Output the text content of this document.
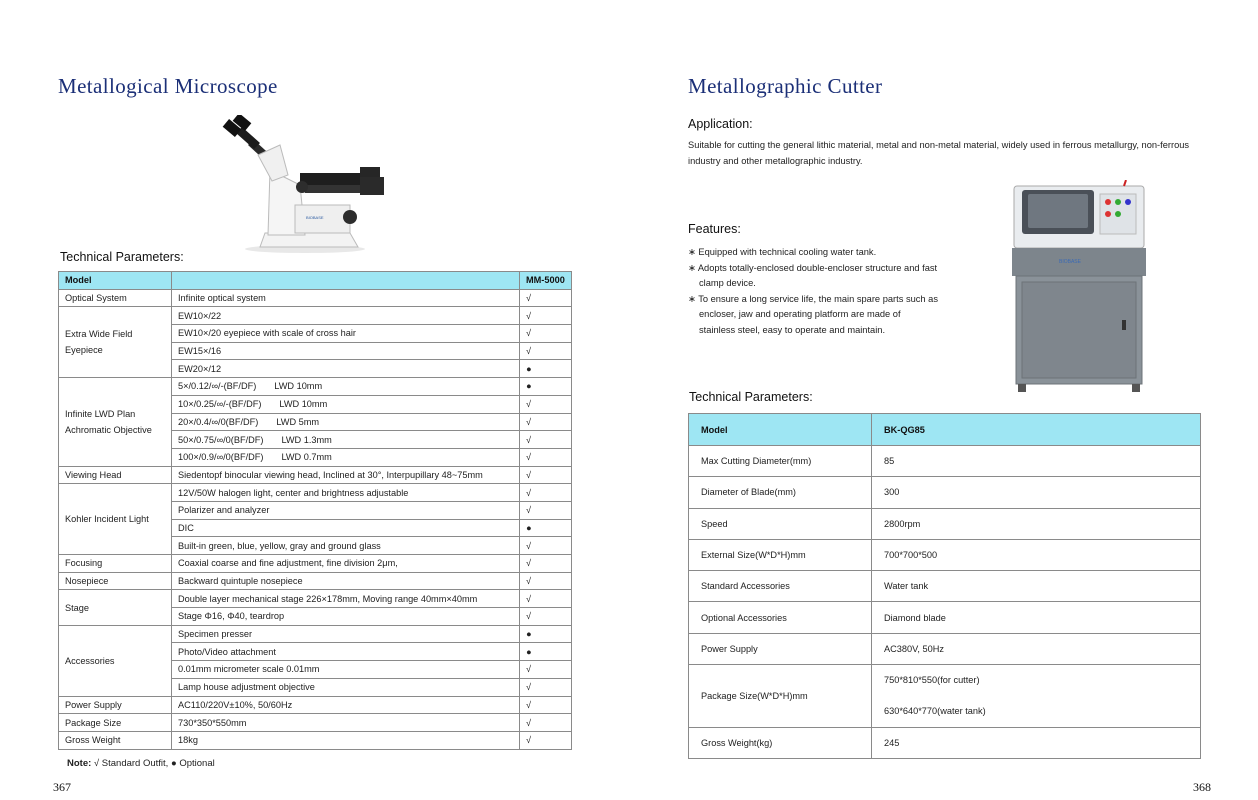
Metallogical Microscope
BIOBASE
Technical Parameters:
Model		MM-5000
Optical System	Infinite optical system	√
Extra Wide Field Eyepiece	EW10×/22	√
	EW10×/20 eyepiece with scale of cross hair	√
	EW15×/16	√
	EW20×/12	●
Infinite LWD Plan Achromatic Objective	5×/0.12/∞/-(BF/DF) LWD 10mm	●
	10×/0.25/∞/-(BF/DF) LWD 10mm	√
	20×/0.4/∞/0(BF/DF) LWD 5mm	√
	50×/0.75/∞/0(BF/DF) LWD 1.3mm	√
	100×/0.9/∞/0(BF/DF) LWD 0.7mm	√
Viewing Head	Siedentopf binocular viewing head, Inclined at 30°, Interpupillary 48~75mm	√
Kohler Incident Light	12V/50W halogen light, center and brightness adjustable	√
	Polarizer and analyzer	√
	DIC	●
	Built-in green, blue, yellow, gray and ground glass	√
Focusing	Coaxial coarse and fine adjustment, fine division 2μm,	√
Nosepiece	Backward quintuple nosepiece	√
Stage	Double layer mechanical stage 226×178mm, Moving range 40mm×40mm	√
	Stage Φ16, Φ40, teardrop	√
Accessories	Specimen presser	●
	Photo/Video attachment	●
	0.01mm micrometer scale 0.01mm	√
	Lamp house adjustment objective	√
Power Supply	AC110/220V±10%, 50/60Hz	√
Package Size	730*350*550mm	√
Gross Weight	18kg	√
Note: √ Standard Outfit, ● Optional
367
Metallographic Cutter
Application:

Suitable for cutting the general lithic material, metal and non-metal material, widely used in ferrous metallurgy, non-ferrous industry and other metallographic industry.

Features:
∗ Equipped with technical cooling water tank.
∗ Adopts totally-enclosed double-encloser structure and fast clamp device.
∗ To ensure a long service life, the main spare parts such as encloser, jaw and operating platform are made of stainless steel, easy to operate and maintain.
BIOBASE
Technical Parameters:
Model	BK-QG85
Max Cutting Diameter(mm)	85
Diameter of Blade(mm)	300
Speed	2800rpm
External Size(W*D*H)mm	700*700*500
Standard Accessories	Water tank
Optional Accessories	Diamond blade
Power Supply	AC380V, 50Hz
Package Size(W*D*H)mm	750*810*550(for cutter)
630*640*770(water tank)

Gross Weight(kg)	245
368
